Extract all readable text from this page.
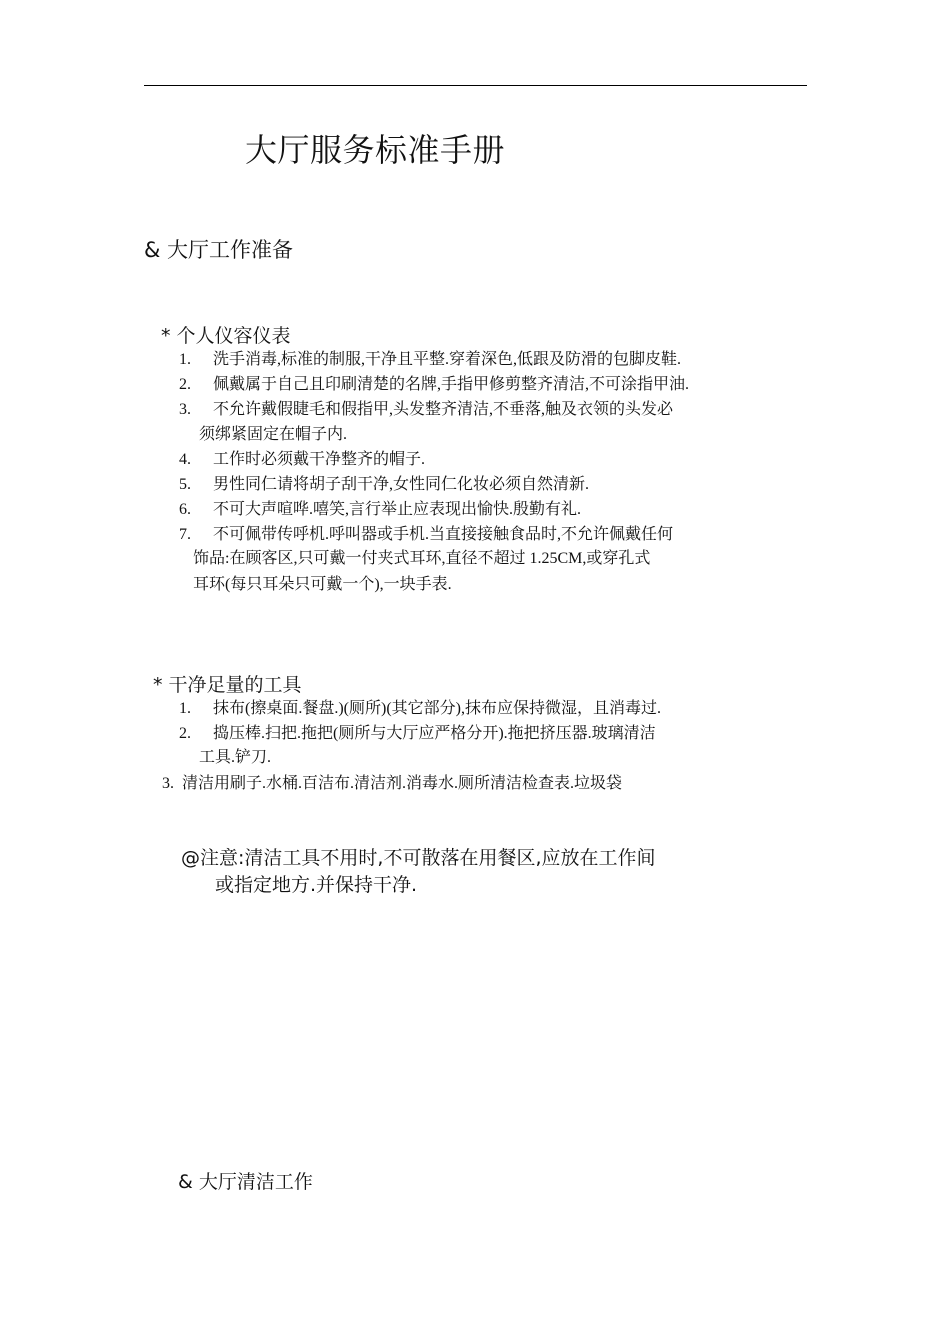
大厅服务标准手册
& 大厅工作准备
* 个人仪容仪表
1. 洗手消毒,标准的制服,干净且平整.穿着深色,低跟及防滑的包脚皮鞋.
2. 佩戴属于自己且印刷清楚的名牌,手指甲修剪整齐清洁,不可涂指甲油.
3. 不允许戴假睫毛和假指甲,头发整齐清洁,不垂落,触及衣领的头发必
须绑紧固定在帽子内.
4. 工作时必须戴干净整齐的帽子.
5. 男性同仁请将胡子刮干净,女性同仁化妆必须自然清新.
6. 不可大声喧哗.嘻笑,言行举止应表现出愉快.殷勤有礼.
7. 不可佩带传呼机.呼叫器或手机.当直接接触食品时,不允许佩戴任何
饰品:在顾客区,只可戴一付夹式耳环,直径不超过 1.25CM,或穿孔式
耳环(每只耳朵只可戴一个),一块手表.
* 干净足量的工具
1. 抹布(擦桌面.餐盘.)(厕所)(其它部分),抹布应保持微湿，且消毒过.
2. 捣压棒.扫把.拖把(厕所与大厅应严格分开).拖把挤压器.玻璃清洁
工具.铲刀.
3. 清洁用刷子.水桶.百洁布.清洁剂.消毒水.厕所清洁检查表.垃圾袋
@注意:清洁工具不用时,不可散落在用餐区,应放在工作间
或指定地方.并保持干净.
& 大厅清洁工作
